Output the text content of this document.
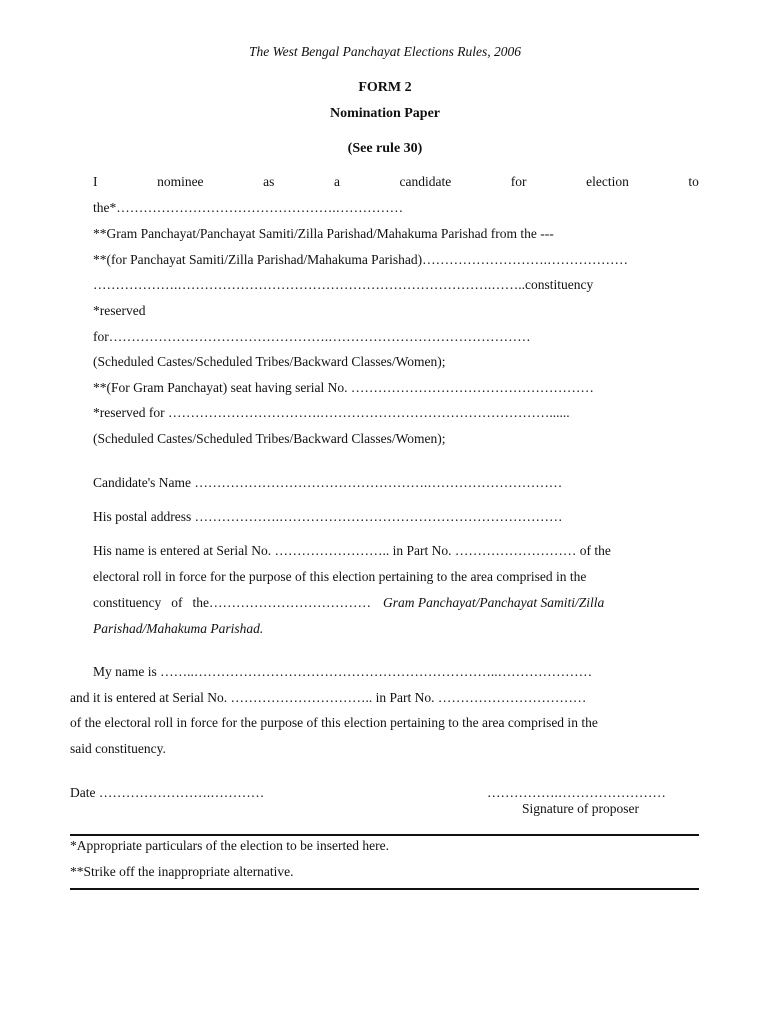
The West Bengal Panchayat Elections Rules, 2006
FORM 2
Nomination Paper
(See rule 30)
I	nominee	as	a	candidate	for	election	to
the*………………………………………….……………
**Gram Panchayat/Panchayat Samiti/Zilla Parishad/Mahakuma Parishad from the ---
**(for Panchayat Samiti/Zilla Parishad/Mahakuma Parishad)……………………….………………
……………….…………………………………………………………….……..constituency
*reserved
for………………………………………….………………………………………
(Scheduled Castes/Scheduled Tribes/Backward Classes/Women);
**(For Gram Panchayat) seat having serial No. ………………………………………………
*reserved for …………………………….……………………………………………......
(Scheduled Castes/Scheduled Tribes/Backward Classes/Women);
Candidate's Name …………………………………………….…………………………
His postal address ……………….………………………………………………………
His name is entered at Serial No. …………………….. in Part No. ……………………… of the
electoral roll in force for the purpose of this election pertaining to the area comprised in the
constituency of the……………………………… Gram Panchayat/Panchayat Samiti/Zilla
Parishad/Mahakuma Parishad.
My name is ……..…………………………………………………………..…………………
and it is entered at Serial No. ………………………….. in Part No. ……………………………
of the electoral roll in force for the purpose of this election pertaining to the area comprised in the
said constituency.
Date …………………….…………	…………….……………………
Signature of proposer
*Appropriate particulars of the election to be inserted here.
**Strike off the inappropriate alternative.
